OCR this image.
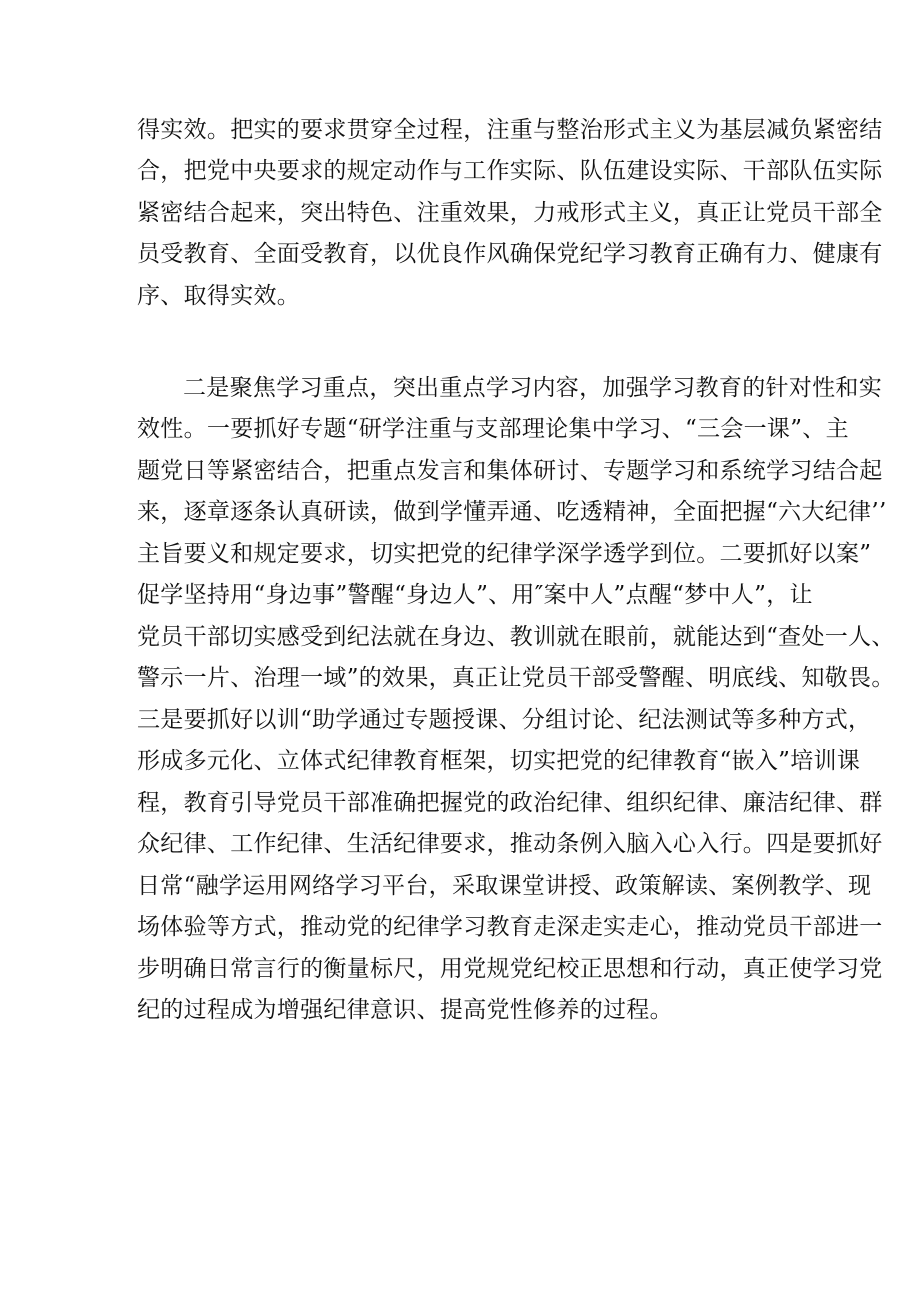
得实效。把实的要求贯穿全过程，注重与整治形式主义为基层减负紧密结
合，把党中央要求的规定动作与工作实际、队伍建设实际、干部队伍实际
紧密结合起来，突出特色、注重效果，力戒形式主义，真正让党员干部全
员受教育、全面受教育，以优良作风确保党纪学习教育正确有力、健康有
序、取得实效。
二是聚焦学习重点，突出重点学习内容，加强学习教育的针对性和实
效性。一要抓好专题“研学注重与支部理论集中学习、“三会一课”、主
题党日等紧密结合，把重点发言和集体研讨、专题学习和系统学习结合起
来，逐章逐条认真研读，做到学懂弄通、吃透精神，全面把握“六大纪律’’
主旨要义和规定要求，切实把党的纪律学深学透学到位。二要抓好以案”
促学坚持用“身边事”警醒“身边人”、用″案中人”点醒“梦中人”，让
党员干部切实感受到纪法就在身边、教训就在眼前，就能达到“查处一人、
警示一片、治理一域”的效果，真正让党员干部受警醒、明底线、知敬畏。
三是要抓好以训“助学通过专题授课、分组讨论、纪法测试等多种方式，
形成多元化、立体式纪律教育框架，切实把党的纪律教育“嵌入”培训课
程，教育引导党员干部准确把握党的政治纪律、组织纪律、廉洁纪律、群
众纪律、工作纪律、生活纪律要求，推动条例入脑入心入行。四是要抓好
日常“融学运用网络学习平台，采取课堂讲授、政策解读、案例教学、现
场体验等方式，推动党的纪律学习教育走深走实走心，推动党员干部进一
步明确日常言行的衡量标尺，用党规党纪校正思想和行动，真正使学习党
纪的过程成为增强纪律意识、提高党性修养的过程。
